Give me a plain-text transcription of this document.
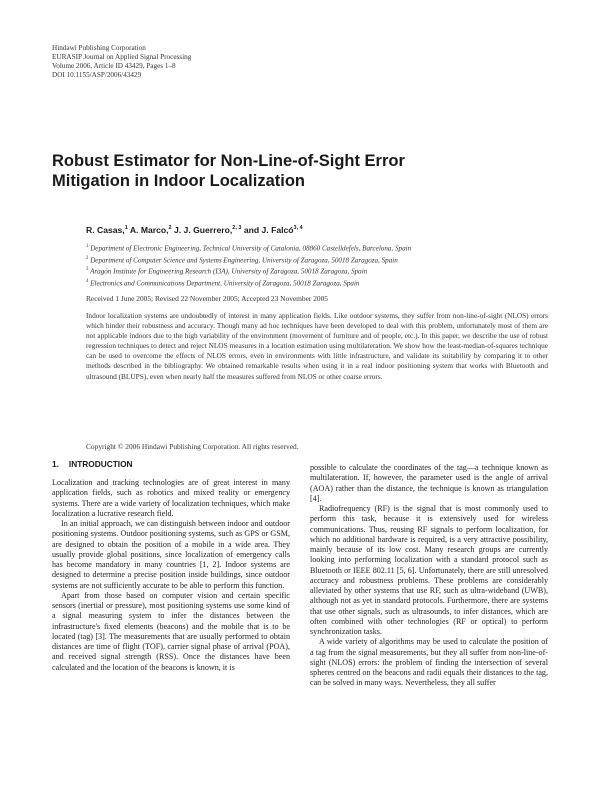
Hindawi Publishing Corporation
EURASIP Journal on Applied Signal Processing
Volume 2006, Article ID 43429, Pages 1–8
DOI 10.1155/ASP/2006/43429
Robust Estimator for Non-Line-of-Sight Error
Mitigation in Indoor Localization
R. Casas,$^1$ A. Marco,$^2$ J. J. Guerrero,$^{2, 3}$ and J. Falcó$^{3, 4}$
$^1$ Department of Electronic Engineering, Technical University of Catalonia, 08860 Castelldefels, Barcelona, Spain
$^2$ Department of Computer Science and Systems Engineering, University of Zaragoza, 50018 Zaragoza, Spain
$^3$ Aragón Institute for Engineering Research (I3A), University of Zaragoza, 50018 Zaragoza, Spain
$^4$ Electronics and Communications Department, University of Zaragoza, 50018 Zaragoza, Spain
Received 1 June 2005; Revised 22 November 2005; Accepted 23 November 2005
Indoor localization systems are undoubtedly of interest in many application fields. Like outdoor systems, they suffer from non-line-of-sight (NLOS) errors which hinder their robustness and accuracy. Though many ad hoc techniques have been developed to deal with this problem, unfortunately most of them are not applicable indoors due to the high variability of the environment (movement of furniture and of people, etc.). In this paper, we describe the use of robust regression techniques to detect and reject NLOS measures in a location estimation using multilateration. We show how the least-median-of-squares technique can be used to overcome the effects of NLOS errors, even in environments with little infrastructure, and validate its suitability by comparing it to other methods described in the bibliography. We obtained remarkable results when using it in a real indoor positioning system that works with Bluetooth and ultrasound (BLUPS), even when nearly half the measures suffered from NLOS or other coarse errors.
Copyright © 2006 Hindawi Publishing Corporation. All rights reserved.
1. INTRODUCTION

Localization and tracking technologies are of great interest in many application fields, such as robotics and mixed reality or emergency systems. There are a wide variety of localization techniques, which make localization a lucrative research field.

In an initial approach, we can distinguish between indoor and outdoor positioning systems. Outdoor positioning systems, such as GPS or GSM, are designed to obtain the position of a mobile in a wide area. They usually provide global positions, since localization of emergency calls has become mandatory in many countries [1, 2]. Indoor systems are designed to determine a precise position inside buildings, since outdoor systems are not sufficiently accurate to be able to perform this function.

Apart from those based on computer vision and certain specific sensors (inertial or pressure), most positioning systems use some kind of a signal measuring system to infer the distances between the infrastructure's fixed elements (beacons) and the mobile that is to be located (tag) [3]. The measurements that are usually performed to obtain distances are time of flight (TOF), carrier signal phase of arrival (POA), and received signal strength (RSS). Once the distances have been calculated and the location of the beacons is known, it is

possible to calculate the coordinates of the tag—a technique known as multilateration. If, however, the parameter used is the angle of arrival (AOA) rather than the distance, the technique is known as triangulation [4].

Radiofrequency (RF) is the signal that is most commonly used to perform this task, because it is extensively used for wireless communications. Thus, reusing RF signals to perform localization, for which no additional hardware is required, is a very attractive possibility, mainly because of its low cost. Many research groups are currently looking into performing localization with a standard protocol such as Bluetooth or IEEE 802.11 [5, 6]. Unfortunately, there are still unresolved accuracy and robustness problems. These problems are considerably alleviated by other systems that use RF, such as ultra-wideband (UWB), although not as yet in standard protocols. Furthermore, there are systems that use other signals, such as ultrasounds, to infer distances, which are often combined with other technologies (RF or optical) to perform synchronization tasks.

A wide variety of algorithms may be used to calculate the position of a tag from the signal measurements, but they all suffer from non-line-of-sight (NLOS) errors: the problem of finding the intersection of several spheres centred on the beacons and radii equals their distances to the tag, can be solved in many ways. Nevertheless, they all suffer
